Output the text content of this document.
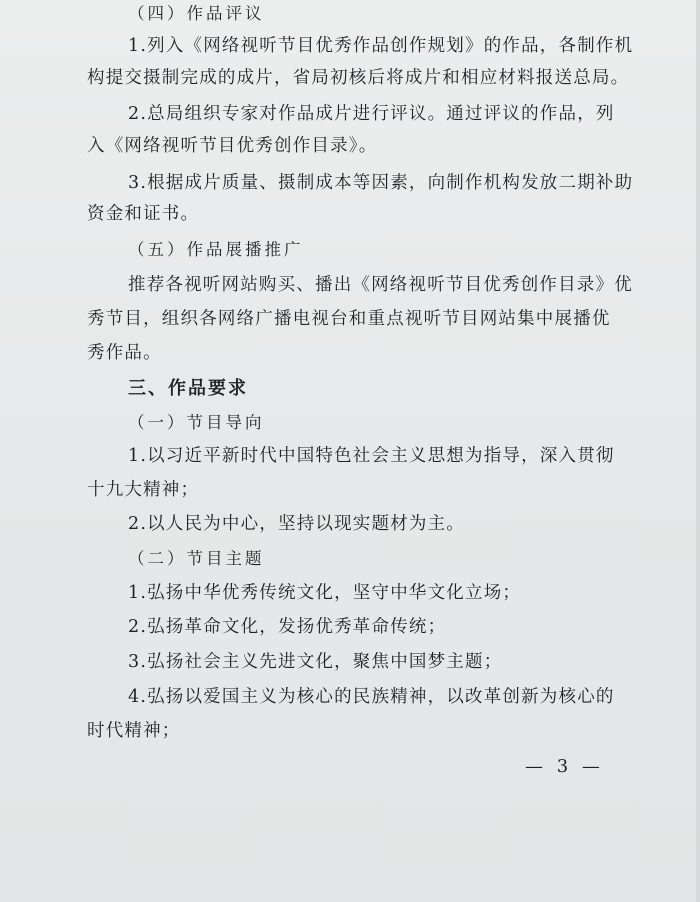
（四）作品评议
1.列入《网络视听节目优秀作品创作规划》的作品，各制作机
构提交摄制完成的成片，省局初核后将成片和相应材料报送总局。
2.总局组织专家对作品成片进行评议。通过评议的作品，列
入《网络视听节目优秀创作目录》。
3.根据成片质量、摄制成本等因素，向制作机构发放二期补助
资金和证书。
（五）作品展播推广
推荐各视听网站购买、播出《网络视听节目优秀创作目录》优
秀节目，组织各网络广播电视台和重点视听节目网站集中展播优
秀作品。
三、作品要求
（一）节目导向
1.以习近平新时代中国特色社会主义思想为指导，深入贯彻
十九大精神；
2.以人民为中心，坚持以现实题材为主。
（二）节目主题
1.弘扬中华优秀传统文化，坚守中华文化立场；
2.弘扬革命文化，发扬优秀革命传统；
3.弘扬社会主义先进文化，聚焦中国梦主题；
4.弘扬以爱国主义为核心的民族精神，以改革创新为核心的
时代精神；
— 3 —
